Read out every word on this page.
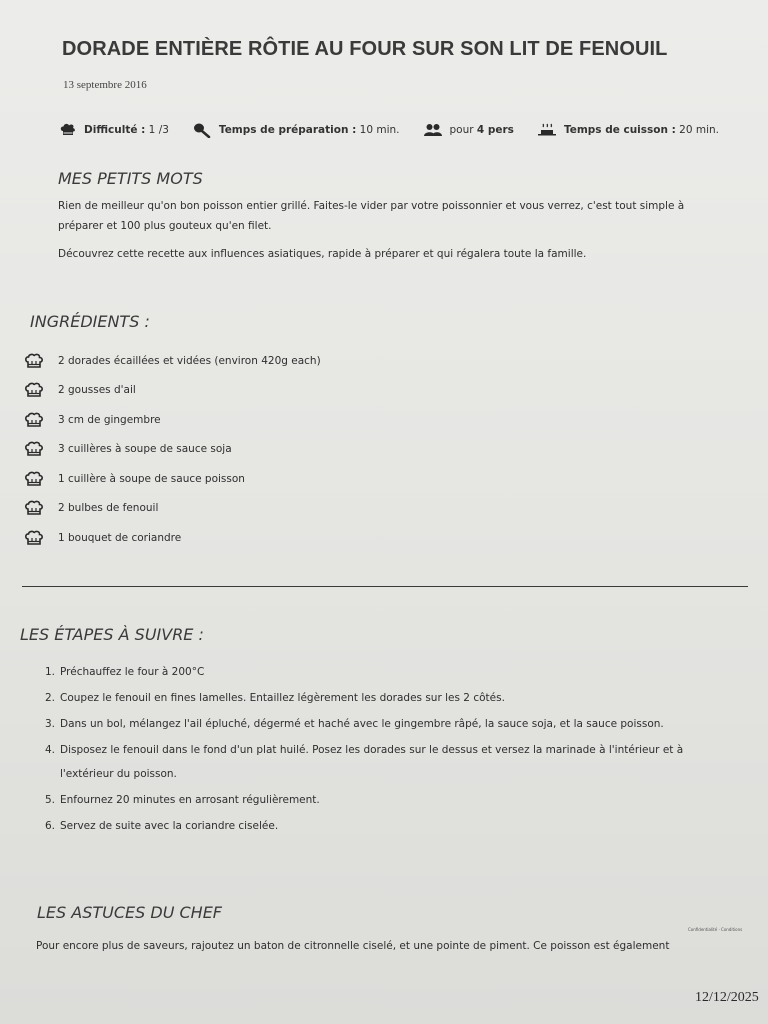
DORADE ENTIÈRE RÔTIE AU FOUR SUR SON LIT DE FENOUIL
13 septembre 2016
Difficulté :
1 /3	Temps de préparation :
10 min.	pour
4 pers	Temps de cuisson :
20 min.
MES PETITS MOTS
Rien de meilleur qu'on bon poisson entier grillé. Faites-le vider par votre poissonnier et vous verrez, c'est tout simple à
préparer et 100 plus gouteux qu'en filet.
Découvrez cette recette aux influences asiatiques, rapide à préparer et qui régalera toute la famille.
INGRÉDIENTS :
2 dorades écaillées et vidées (environ 420g each)
2 gousses d'ail
3 cm de gingembre
3 cuillères à soupe de sauce soja
1 cuillère à soupe de sauce poisson
2 bulbes de fenouil
1 bouquet de coriandre
LES ÉTAPES À SUIVRE :
1. Préchauffez le four à 200°C
2. Coupez le fenouil en fines lamelles. Entaillez légèrement les dorades sur les 2 côtés.
3. Dans un bol, mélangez l'ail épluché, dégermé et haché avec le gingembre râpé, la sauce soja, et la sauce poisson.
4. Disposez le fenouil dans le fond d'un plat huilé. Posez les dorades sur le dessus et versez la marinade à l'intérieur et à
l'extérieur du poisson.
5. Enfournez 20 minutes en arrosant régulièrement.
6. Servez de suite avec la coriandre ciselée.
LES ASTUCES DU CHEF
Confidentialité · Conditions
Pour encore plus de saveurs, rajoutez un baton de citronnelle ciselé, et une pointe de piment. Ce poisson est également
12/12/2025
